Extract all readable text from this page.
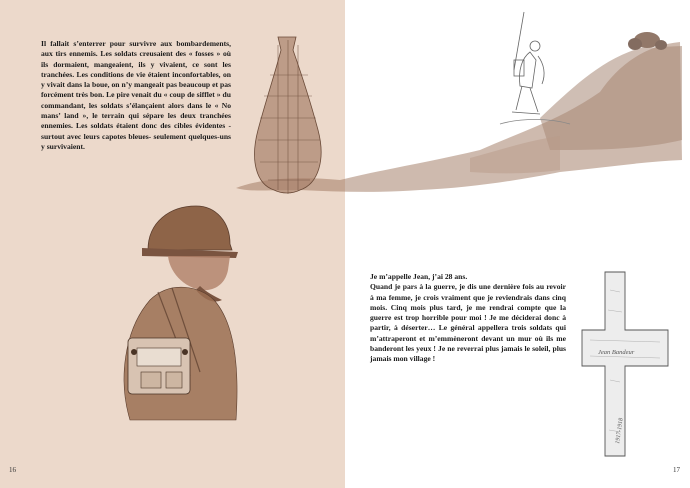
Jean Bandeur
1917-1918

Il fallait s’enterrer pour survivre aux bombardements, aux tirs ennemis. Les soldats creusaient des « fosses » où ils dormaient, mangeaient, ils y vivaient, ce sont les tranchées. Les conditions de vie étaient inconfortables, on y vivait dans la boue, on n’y mangeait pas beaucoup et pas forcément très bon. Le pire venait du « coup de sifflet » du commandant, les soldats s’élançaient alors dans le « No mans’ land », le terrain qui sépare les deux tranchées ennemies. Les soldats étaient donc des cibles évidentes -surtout avec leurs capotes bleues- seulement quelques-uns y survivaient.

Je m’appelle Jean, j’ai 28 ans.

Quand je pars à la guerre, je dis une dernière fois au revoir à ma femme, je crois vraiment que je reviendrais dans cinq mois. Cinq mois plus tard, je me rendrai compte que la guerre est trop horrible pour moi ! Je me déciderai donc à partir, à déserter… Le général appellera trois soldats qui m’attraperont et m’emmèneront devant un mur où ils me banderont les yeux ! Je ne reverrai plus jamais le soleil, plus jamais mon village !

16	17
